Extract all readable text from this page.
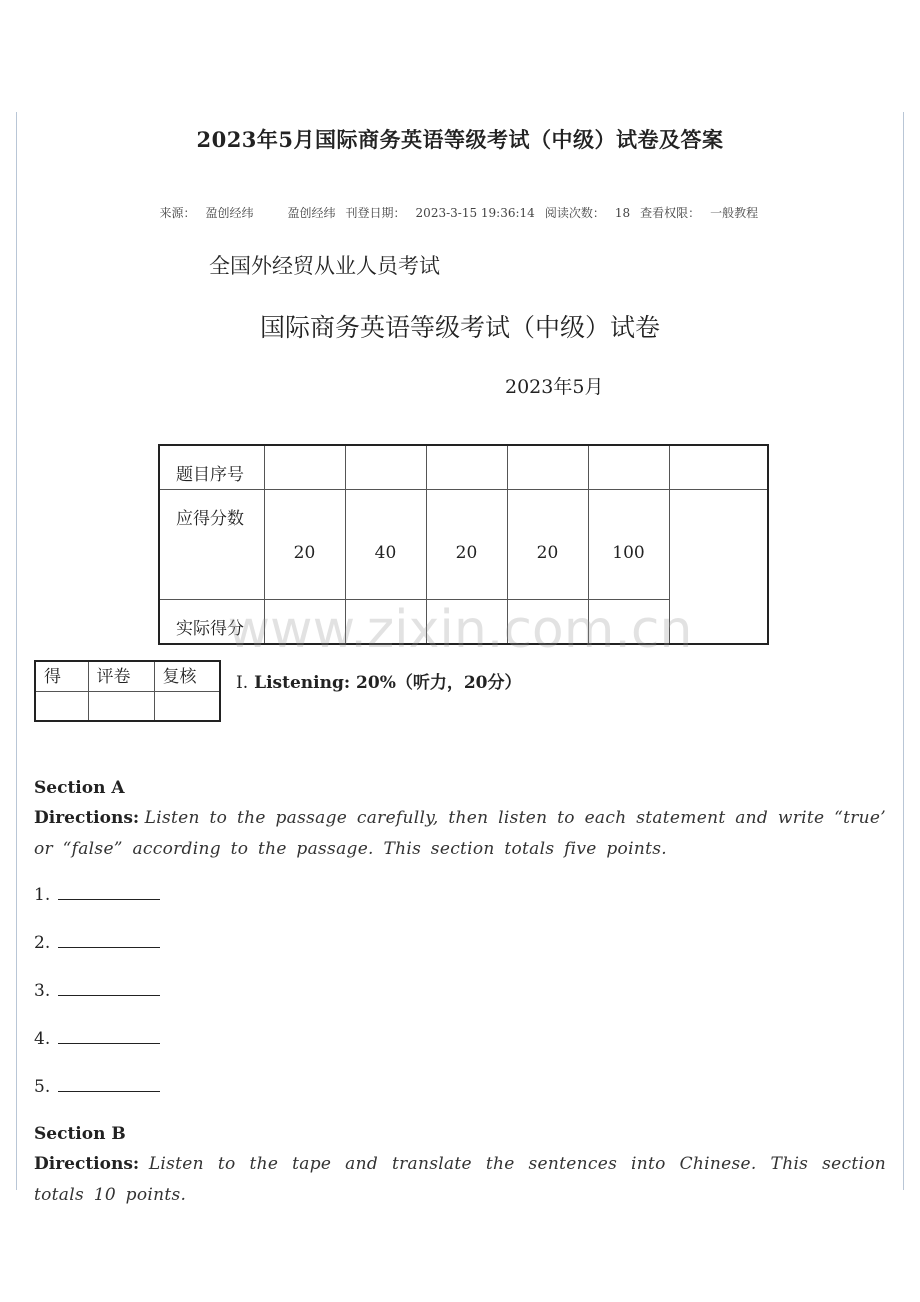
2023年5月国际商务英语等级考试（中级）试卷及答案

来源： 盈创经纬	盈创经纬 刊登日期： 2023-3-15 19:36:14 阅读次数： 18 查看权限： 一般教程

全国外经贸从业人员考试
国际商务英语等级考试（中级）试卷
2023年5月
题目序号						
应得分数	20	40	20	20	100	
实际得分						
www.zixin.com.cn
得	评卷	复核
		Ⅰ. Listening: 20%（听力，20分）
Section A
Directions: Listen to the passage carefully, then listen to each statement and write “true’ or “false” according to the passage. This section totals five points.
1.
2.
3.
4.
5.
Section B
Directions: Listen to the tape and translate the sentences into Chinese. This section totals 10 points.
